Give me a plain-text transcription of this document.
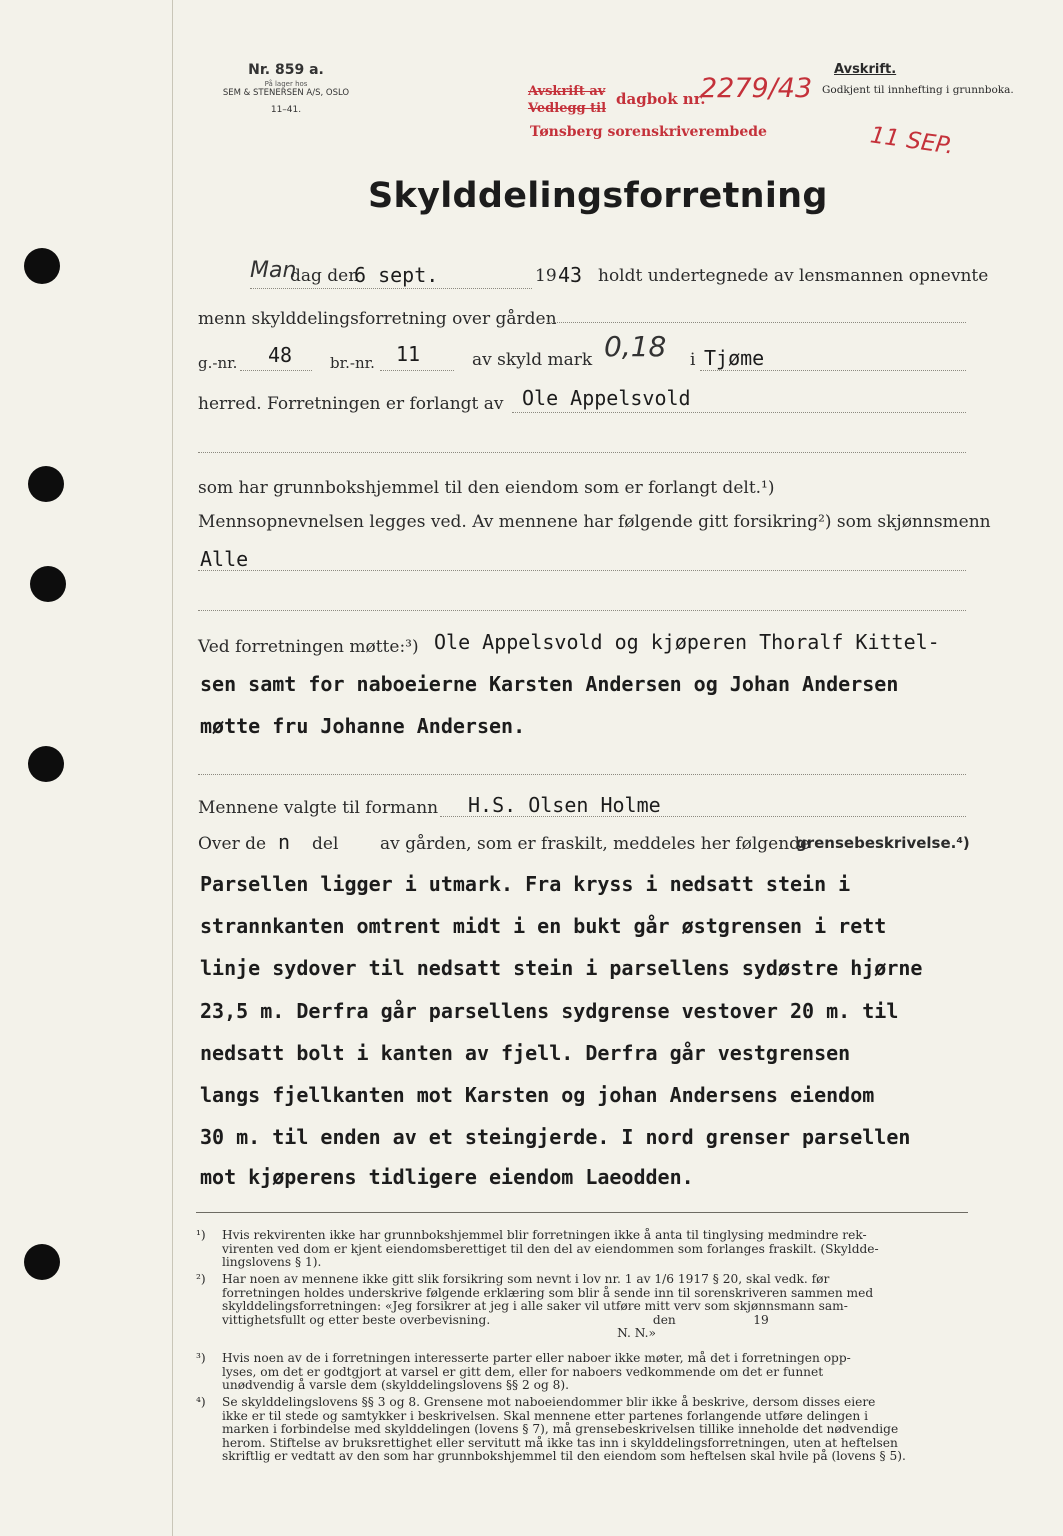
Nr. 859 a.
På lager hos
SEM & STENERSEN A/S, OSLO
11–41.
Avskrift av
Vedlegg til
dagbok nr.
2279/43
Tønsberg sorenskriverembede	11 SEP.
Avskrift.
Godkjent til innhefting i grunnboka.
Skylddelingsforretning
Man
dag den
6 sept.	19 43 holdt undertegnede av lensmannen opnevnte
menn skylddelingsforretning over gården
g.-nr. 48	br.-nr. 11	av skyld mark 0,18 i Tjøme
herred. Forretningen er forlangt av Ole Appelsvold
som har grunnbokshjemmel til den eiendom som er forlangt delt.¹)
Mennsopnevnelsen legges ved. Av mennene har følgende gitt forsikring²) som skjønnsmenn
Alle
Ved forretningen møtte:³) Ole Appelsvold og kjøperen Thoralf Kittel-
sen samt for naboeierne Karsten Andersen og Johan Andersen
møtte fru Johanne Andersen.
Mennene valgte til formann H.S. Olsen Holme
Over de n del av gården, som er fraskilt, meddeles her følgende
grensebeskrivelse.⁴)
Parsellen ligger i utmark. Fra kryss i nedsatt stein i
strannkanten omtrent midt i en bukt går østgrensen i rett
linje sydover til nedsatt stein i parsellens sydøstre hjørne
23,5 m. Derfra går parsellens sydgrense vestover 20 m. til
nedsatt bolt i kanten av fjell. Derfra går vestgrensen
langs fjellkanten mot Karsten og johan Andersens eiendom
30 m. til enden av et steingjerde. I nord grenser parsellen
mot kjøperens tidligere eiendom Laeodden.
¹) Hvis rekvirenten ikke har grunnbokshjemmel blir forretningen ikke å anta til tinglysing medmindre rek-
virenten ved dom er kjent eiendomsberettiget til den del av eiendommen som forlanges fraskilt. (Skyldde-
lingslovens § 1).
²) Har noen av mennene ikke gitt slik forsikring som nevnt i lov nr. 1 av 1/6 1917 § 20, skal vedk. før
forretningen holdes underskrive følgende erklæring som blir å sende inn til sorenskriveren sammen med
skylddelingsforretningen: «Jeg forsikrer at jeg i alle saker vil utføre mitt verv som skjønnsmann sam-
vittighetsfullt og etter beste overbevisning.                                          den                    19
N. N.»
³) Hvis noen av de i forretningen interesserte parter eller naboer ikke møter, må det i forretningen opp-
lyses, om det er godtgjort at varsel er gitt dem, eller for naboers vedkommende om det er funnet
unødvendig å varsle dem (skylddelingslovens §§ 2 og 8).
⁴) Se skylddelingslovens §§ 3 og 8. Grensene mot naboeiendommer blir ikke å beskrive, dersom disses eiere
ikke er til stede og samtykker i beskrivelsen. Skal mennene etter partenes forlangende utføre delingen i
marken i forbindelse med skylddelingen (lovens § 7), må grensebeskrivelsen tillike inneholde det nødvendige
herom. Stiftelse av bruksrettighet eller servitutt må ikke tas inn i skylddelingsforretningen, uten at heftelsen
skriftlig er vedtatt av den som har grunnbokshjemmel til den eiendom som heftelsen skal hvile på (lovens § 5).
